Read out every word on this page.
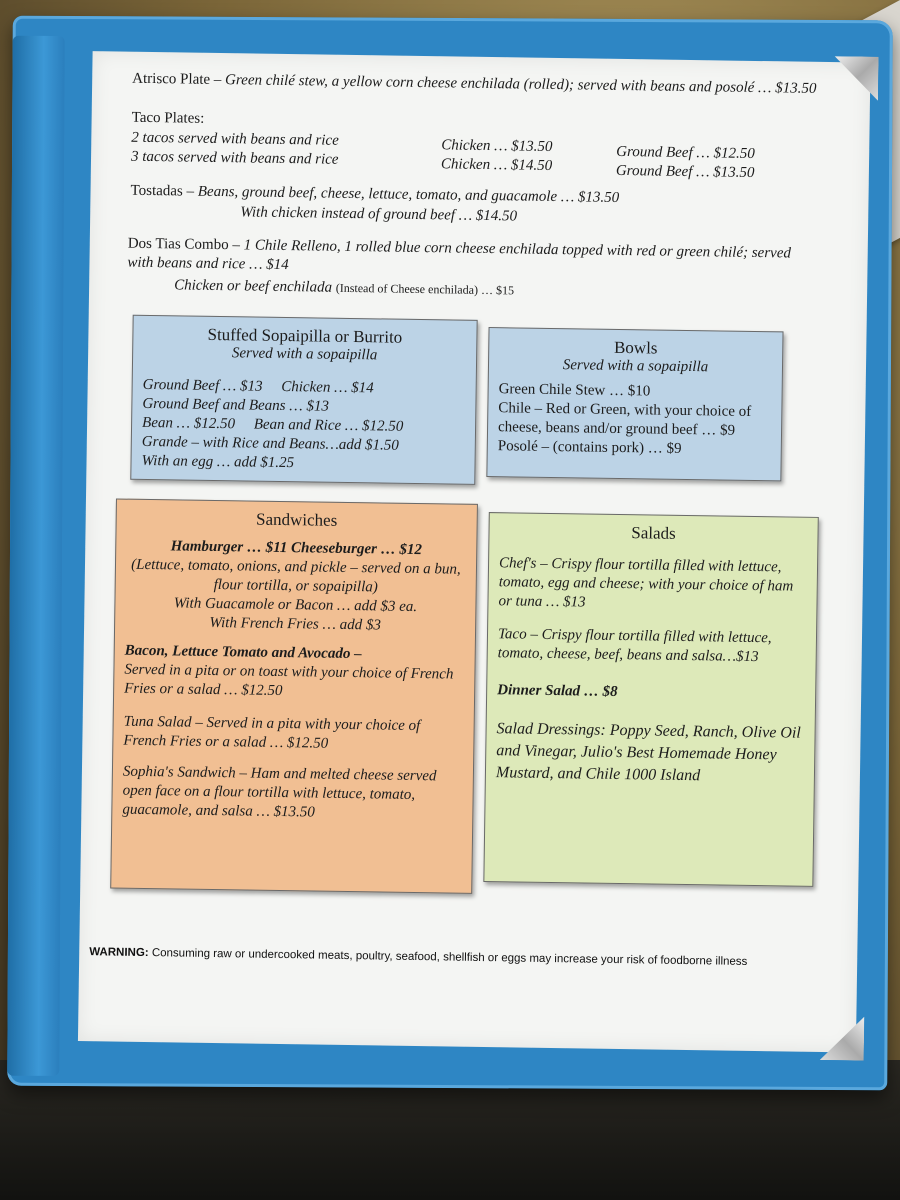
Atrisco Plate – Green chilé stew, a yellow corn cheese enchilada (rolled); served with beans and posolé … $13.50
Taco Plates:
2 tacos served with beans and rice	Chicken … $13.50	Ground Beef … $12.50
3 tacos served with beans and rice	Chicken … $14.50	Ground Beef … $13.50
Tostadas – Beans, ground beef, cheese, lettuce, tomato, and guacamole … $13.50
With chicken instead of ground beef … $14.50
Dos Tias Combo – 1 Chile Relleno, 1 rolled blue corn cheese enchilada topped with red or green chilé; served with beans and rice … $14
Chicken or beef enchilada (Instead of Cheese enchilada) … $15
Stuffed Sopaipilla or Burrito
Served with a sopaipilla

Ground Beef … $13     Chicken … $14

Ground Beef and Beans … $13

Bean … $12.50     Bean and Rice … $12.50

Grande – with Rice and Beans…add $1.50

With an egg … add $1.25

Bowls
Served with a sopaipilla

Green Chile Stew … $10

Chile – Red or Green, with your choice of cheese, beans and/or ground beef … $9

Posolé – (contains pork) … $9

Sandwiches

Hamburger … $11 Cheeseburger … $12

(Lettuce, tomato, onions, and pickle – served on a bun, flour tortilla, or sopaipilla)

With Guacamole or Bacon … add $3 ea.

With French Fries … add $3

Bacon, Lettuce Tomato and Avocado –

Served in a pita or on toast with your choice of French Fries or a salad … $12.50

Tuna Salad – Served in a pita with your choice of French Fries or a salad … $12.50

Sophia's Sandwich – Ham and melted cheese served open face on a flour tortilla with lettuce, tomato, guacamole, and salsa … $13.50

Salads

Chef's – Crispy flour tortilla filled with lettuce, tomato, egg and cheese; with your choice of ham or tuna … $13

Taco – Crispy flour tortilla filled with lettuce, tomato, cheese, beef, beans and salsa…$13

Dinner Salad … $8

Salad Dressings: Poppy Seed, Ranch, Olive Oil and Vinegar, Julio's Best Homemade Honey Mustard, and Chile 1000 Island

WARNING: Consuming raw or undercooked meats, poultry, seafood, shellfish or eggs may increase your risk of foodborne illness
